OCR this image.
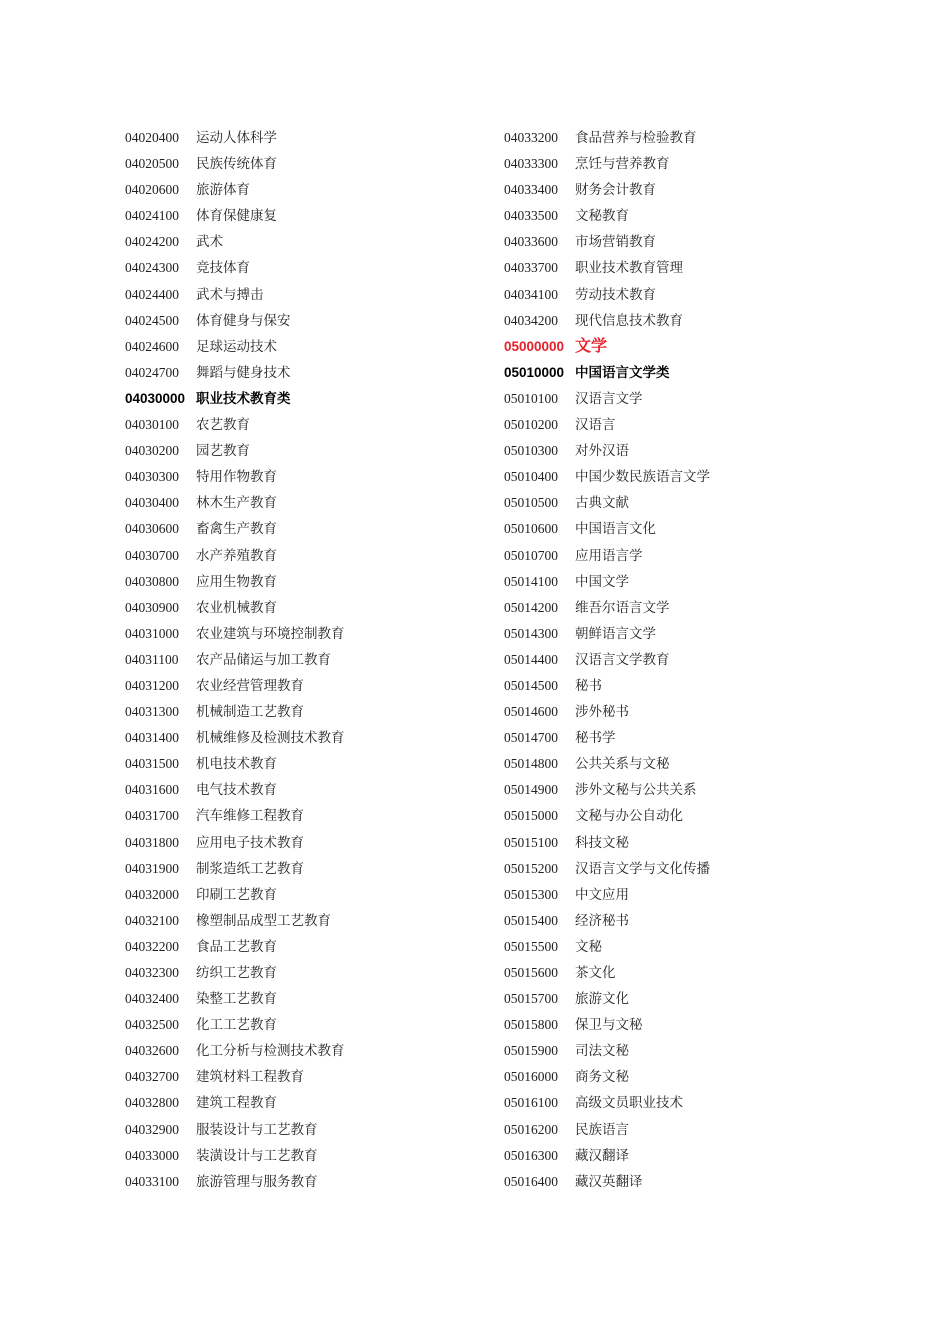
04020400 运动人体科学
04020500 民族传统体育
04020600 旅游体育
04024100 体育保健康复
04024200 武术
04024300 竞技体育
04024400 武术与搏击
04024500 体育健身与保安
04024600 足球运动技术
04024700 舞蹈与健身技术
04030000 职业技术教育类
04030100 农艺教育
04030200 园艺教育
04030300 特用作物教育
04030400 林木生产教育
04030600 畜禽生产教育
04030700 水产养殖教育
04030800 应用生物教育
04030900 农业机械教育
04031000 农业建筑与环境控制教育
04031100 农产品储运与加工教育
04031200 农业经营管理教育
04031300 机械制造工艺教育
04031400 机械维修及检测技术教育
04031500 机电技术教育
04031600 电气技术教育
04031700 汽车维修工程教育
04031800 应用电子技术教育
04031900 制浆造纸工艺教育
04032000 印刷工艺教育
04032100 橡塑制品成型工艺教育
04032200 食品工艺教育
04032300 纺织工艺教育
04032400 染整工艺教育
04032500 化工工艺教育
04032600 化工分析与检测技术教育
04032700 建筑材料工程教育
04032800 建筑工程教育
04032900 服装设计与工艺教育
04033000 装潢设计与工艺教育
04033100 旅游管理与服务教育
04033200 食品营养与检验教育
04033300 烹饪与营养教育
04033400 财务会计教育
04033500 文秘教育
04033600 市场营销教育
04033700 职业技术教育管理
04034100 劳动技术教育
04034200 现代信息技术教育
05000000 文学
05010000 中国语言文学类
05010100 汉语言文学
05010200 汉语言
05010300 对外汉语
05010400 中国少数民族语言文学
05010500 古典文献
05010600 中国语言文化
05010700 应用语言学
05014100 中国文学
05014200 维吾尔语言文学
05014300 朝鲜语言文学
05014400 汉语言文学教育
05014500 秘书
05014600 涉外秘书
05014700 秘书学
05014800 公共关系与文秘
05014900 涉外文秘与公共关系
05015000 文秘与办公自动化
05015100 科技文秘
05015200 汉语言文学与文化传播
05015300 中文应用
05015400 经济秘书
05015500 文秘
05015600 茶文化
05015700 旅游文化
05015800 保卫与文秘
05015900 司法文秘
05016000 商务文秘
05016100 高级文员职业技术
05016200 民族语言
05016300 藏汉翻译
05016400 藏汉英翻译
